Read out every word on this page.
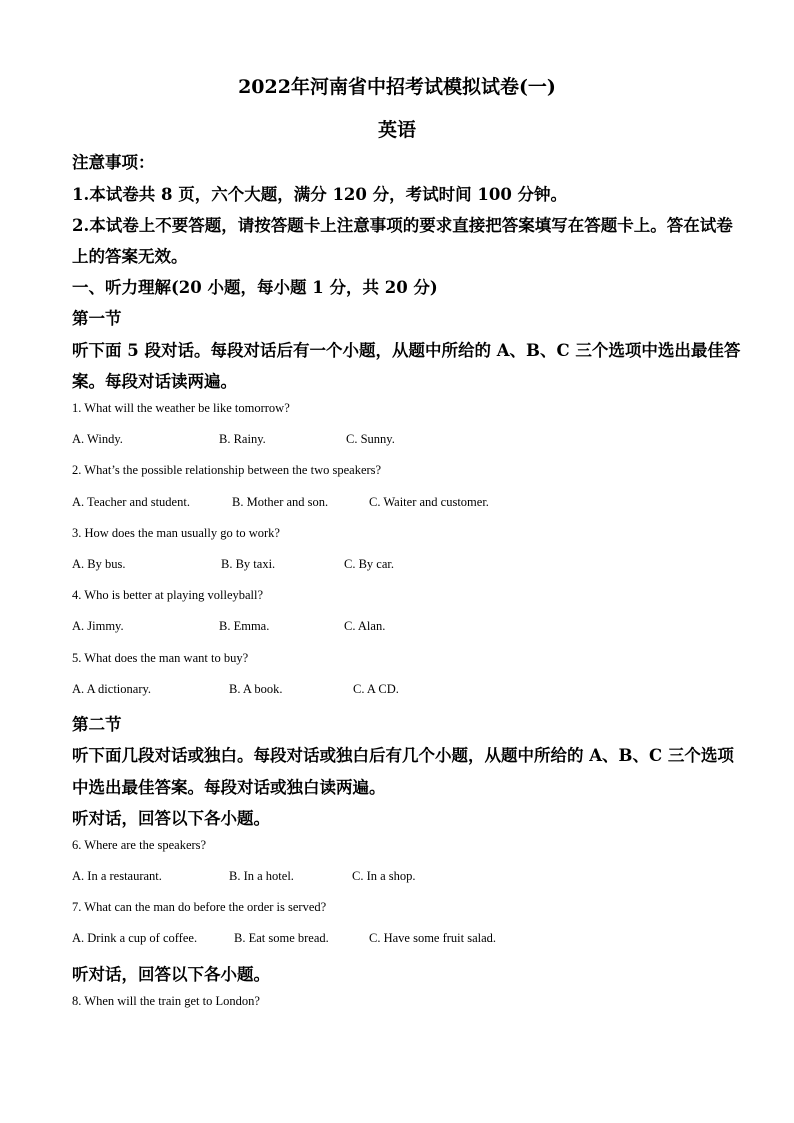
2022年河南省中招考试模拟试卷(一)
英语
注意事项：
1.本试卷共 8 页，六个大题，满分 120 分，考试时间 100 分钟。
2.本试卷上不要答题，请按答题卡上注意事项的要求直接把答案填写在答题卡上。答在试卷
上的答案无效。
一、听力理解(20 小题，每小题 1 分，共 20 分)
第一节
听下面 5 段对话。每段对话后有一个小题，从题中所给的 A、B、C 三个选项中选出最佳答
案。每段对话读两遍。
1. What will the weather be like tomorrow?
A. Windy.	B. Rainy.	C. Sunny.
2. What’s the possible relationship between the two speakers?
A. Teacher and student.	B. Mother and son.	C. Waiter and customer.
3. How does the man usually go to work?
A. By bus.	B. By taxi.	C. By car.
4. Who is better at playing volleyball?
A. Jimmy.	B. Emma.	C. Alan.
5. What does the man want to buy?
A. A dictionary.	B. A book.	C. A CD.
第二节
听下面几段对话或独白。每段对话或独白后有几个小题，从题中所给的 A、B、C 三个选项
中选出最佳答案。每段对话或独白读两遍。
听对话，回答以下各小题。
6. Where are the speakers?
A. In a restaurant.	B. In a hotel.	C. In a shop.
7. What can the man do before the order is served?
A. Drink a cup of coffee.	B. Eat some bread.	C. Have some fruit salad.
听对话，回答以下各小题。
8. When will the train get to London?
